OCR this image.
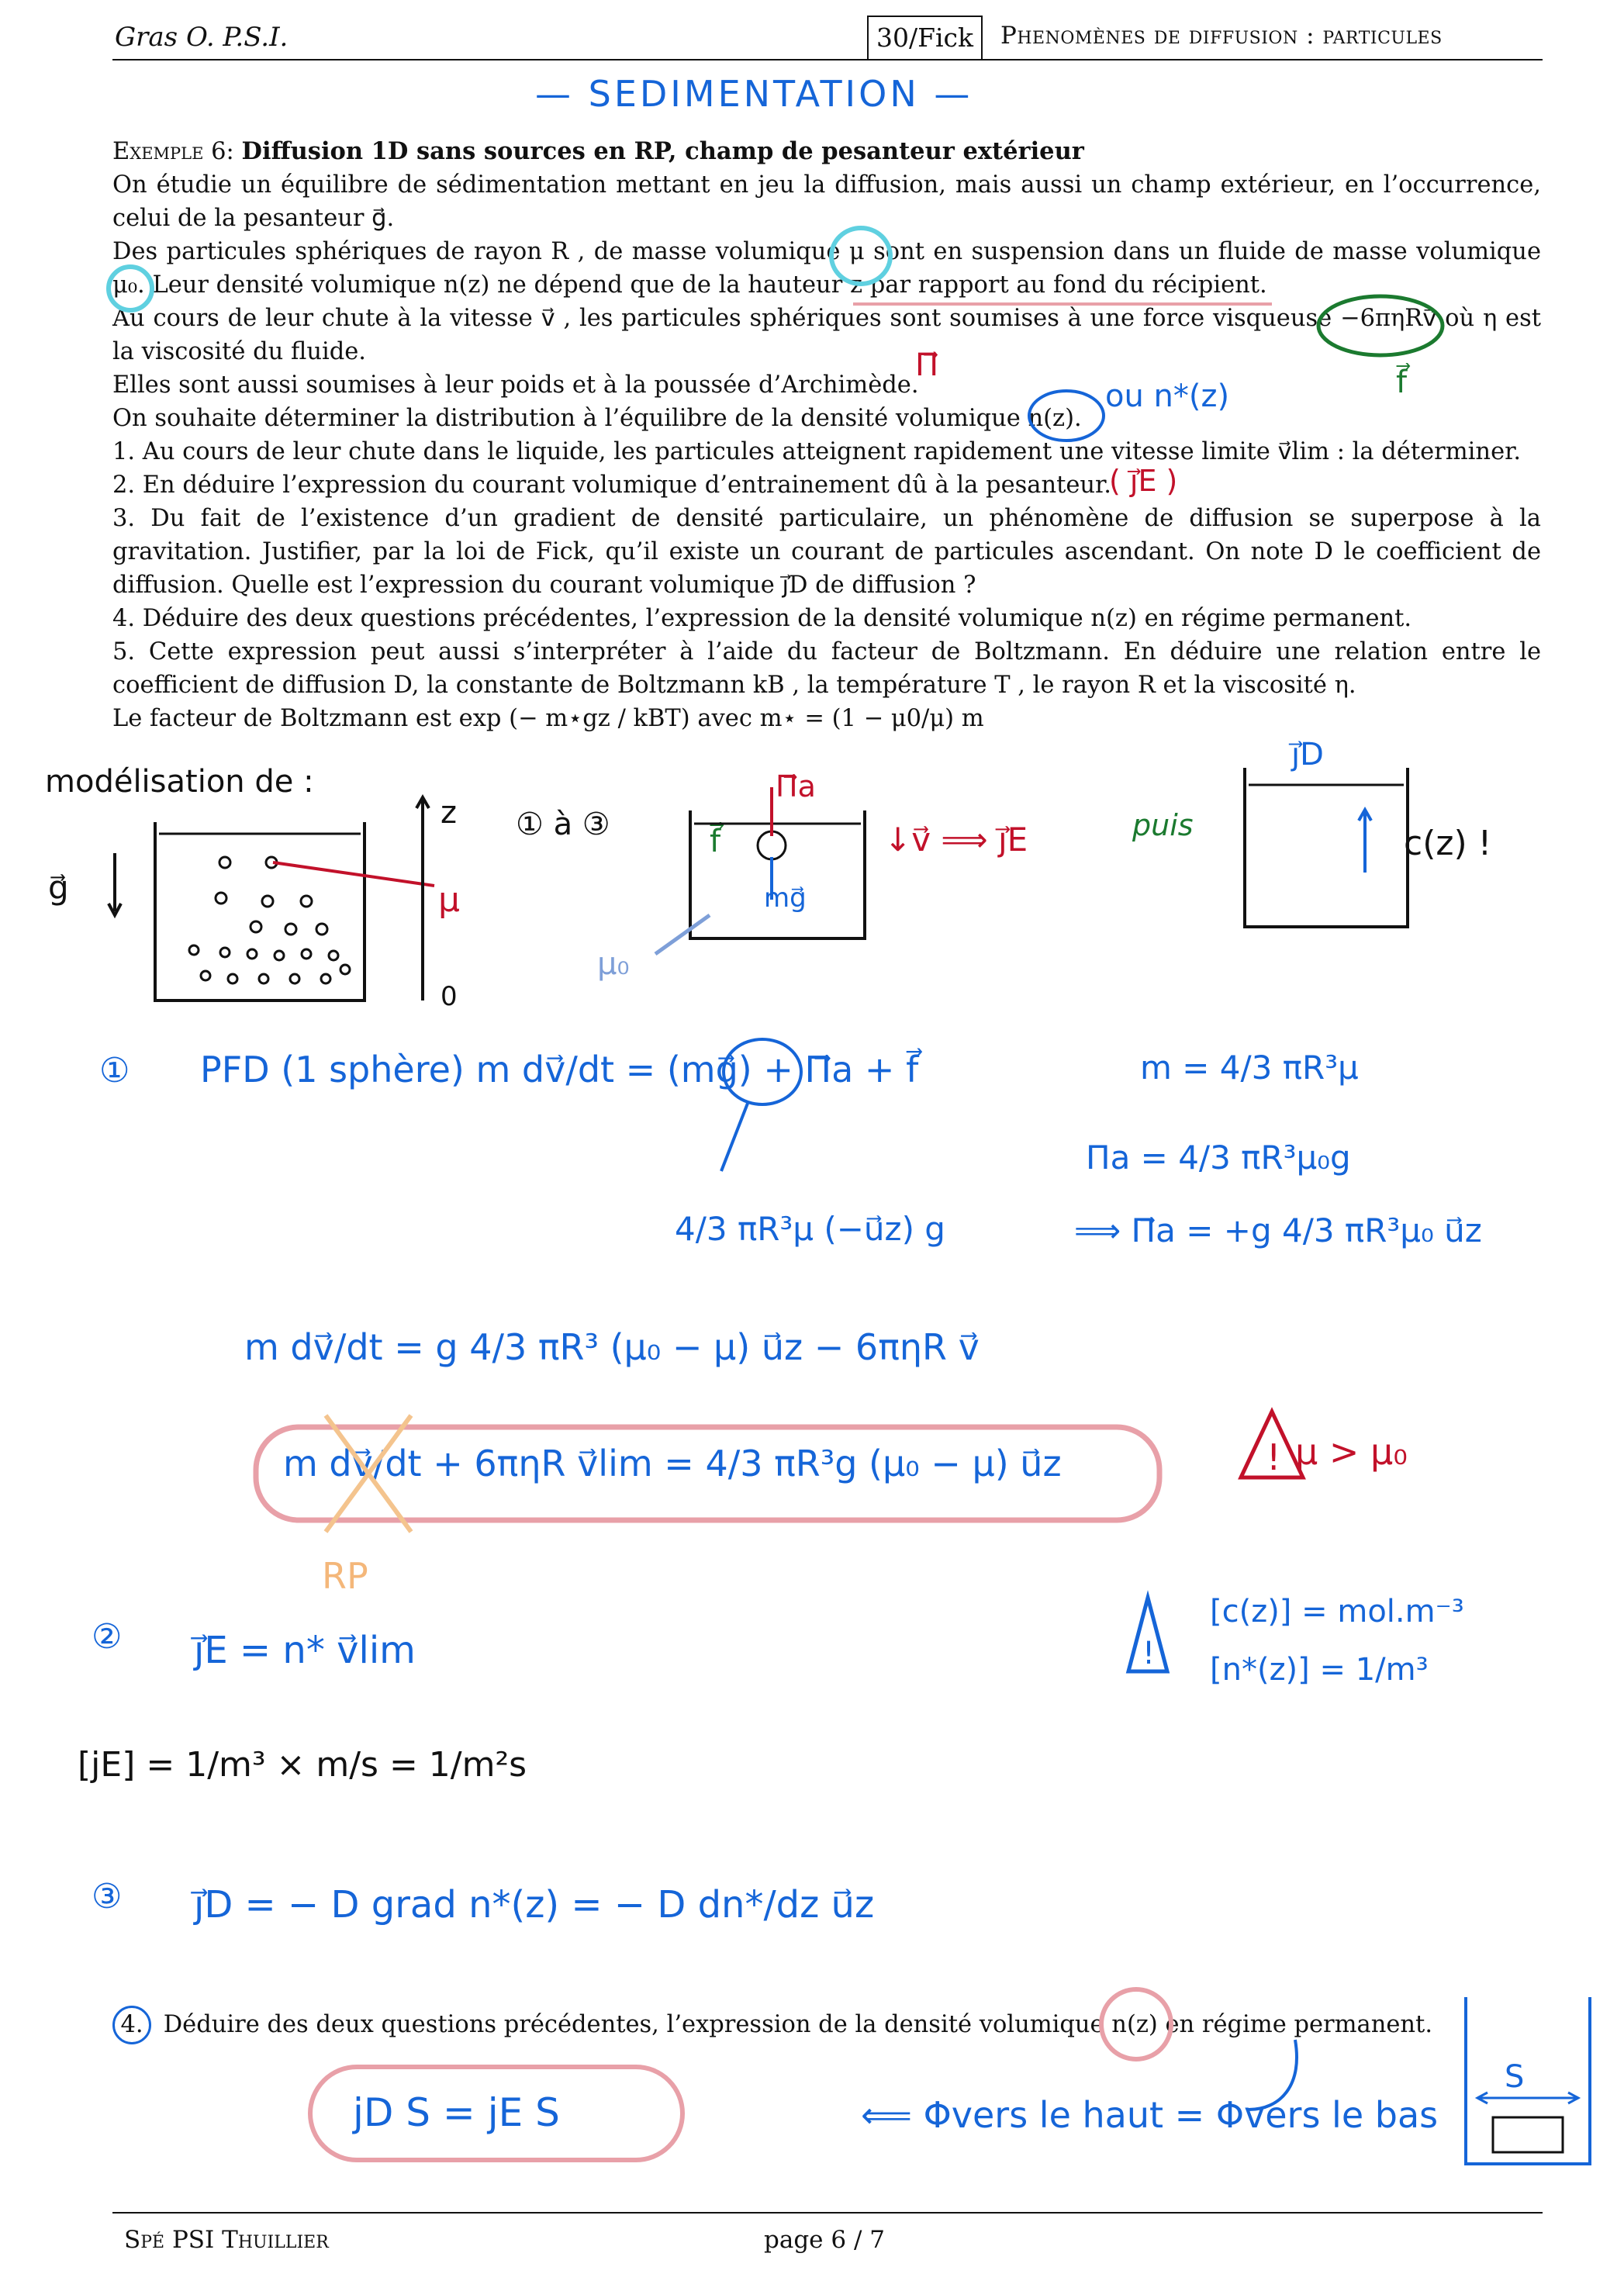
Gras O. P.S.I.	30/Fick	Phenomènes de diffusion : particules
— SEDIMENTATION —

Exemple 6: Diffusion 1D sans sources en RP, champ de pesanteur extérieur

On étudie un équilibre de sédimentation mettant en jeu la diffusion, mais aussi un champ extérieur, en l’occurrence, celui de la pesanteur g⃗.

Des particules sphériques de rayon R , de masse volumique μ sont en suspension dans un fluide de masse volumique μ₀. Leur densité volumique n(z) ne dépend que de la hauteur z par rapport au fond du récipient.

Au cours de leur chute à la vitesse v⃗ , les particules sphériques sont soumises à une force visqueuse −6πηRv⃗ où η est la viscosité du fluide.

Elles sont aussi soumises à leur poids et à la poussée d’Archimède.

On souhaite déterminer la distribution à l’équilibre de la densité volumique n(z).

1. Au cours de leur chute dans le liquide, les particules atteignent rapidement une vitesse limite v⃗lim : la déterminer.

2. En déduire l’expression du courant volumique d’entrainement dû à la pesanteur.

3. Du fait de l’existence d’un gradient de densité particulaire, un phénomène de diffusion se superpose à la gravitation. Justifier, par la loi de Fick, qu’il existe un courant de particules ascendant. On note D le coefficient de diffusion. Quelle est l’expression du courant volumique j⃗D de diffusion ?

4. Déduire des deux questions précédentes, l’expression de la densité volumique n(z) en régime permanent.

5. Cette expression peut aussi s’interpréter à l’aide du facteur de Boltzmann. En déduire une relation entre le coefficient de diffusion D, la constante de Boltzmann kB , la température T , le rayon R et la viscosité η.

Le facteur de Boltzmann est exp (− m⋆gz / kBT) avec m⋆ = (1 − μ0/μ) m

Π⃗
ou n*(z)	f⃗
( j⃗E )
modélisation de :
g⃗
z
μ
0
① à ③
Π⃗a
f⃗
mg⃗
μ₀
↓v⃗ ⟹ j⃗E	puis
j⃗D
c(z) !
① PFD (1 sphère) m dv⃗/dt = (mg⃗) + Π⃗a + f⃗	m = 4/3 πR³μ
Πa = 4/3 πR³μ₀g
4/3 πR³μ (−u⃗z) g	⟹ Π⃗a = +g 4/3 πR³μ₀ u⃗z
m dv⃗/dt = g 4/3 πR³ (μ₀ − μ) u⃗z − 6πηR v⃗
m dv⃗/dt + 6πηR v⃗lim = 4/3 πR³g (μ₀ − μ) u⃗z
RP
μ > μ₀
② j⃗E = n* v⃗lim
[c(z)] = mol.m⁻³
[n*(z)] = 1/m³
[jE] = 1/m³ × m/s = 1/m²s
③ j⃗D = − D grad n*(z) = − D dn*/dz u⃗z
4. Déduire des deux questions précédentes, l’expression de la densité volumique n(z) en régime permanent.
jD S = jE S	⟸ Φvers le haut = Φvers le bas
S
Spé PSI Thuillier	page 6 / 7
!
!
